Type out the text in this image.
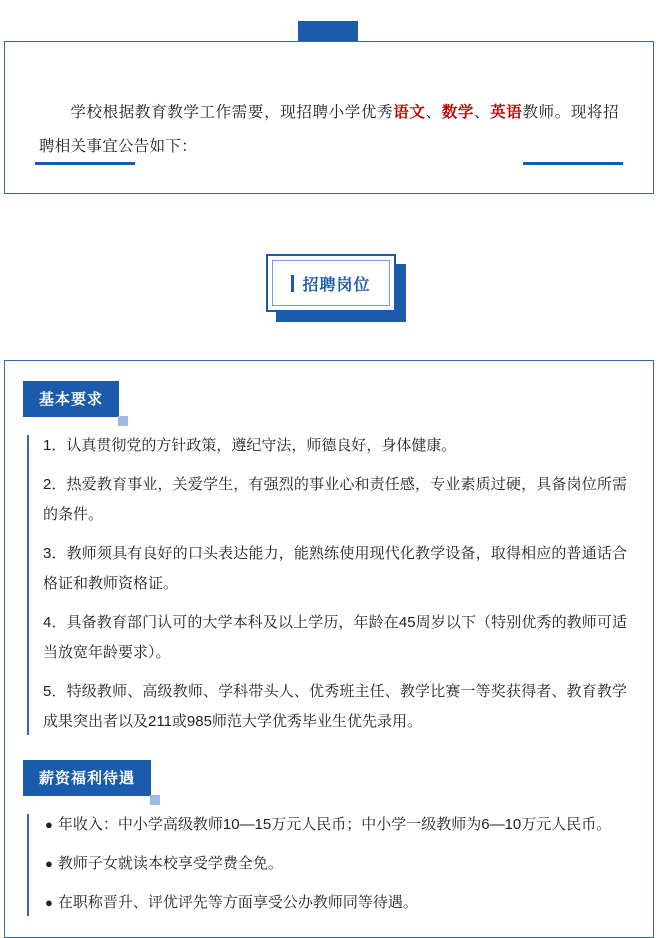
学校根据教育教学工作需要，现招聘小学优秀语文、数学、英语教师。现将招聘相关事宜公告如下：

招聘岗位
基本要求
1．认真贯彻党的方针政策，遵纪守法，师德良好，身体健康。
2．热爱教育事业，关爱学生，有强烈的事业心和责任感，专业素质过硬，具备岗位所需的条件。
3．教师须具有良好的口头表达能力，能熟练使用现代化教学设备，取得相应的普通话合格证和教师资格证。
4．具备教育部门认可的大学本科及以上学历，年龄在45周岁以下（特别优秀的教师可适当放宽年龄要求）。
5．特级教师、高级教师、学科带头人、优秀班主任、教学比赛一等奖获得者、教育教学成果突出者以及211或985师范大学优秀毕业生优先录用。
薪资福利待遇
● 年收入：中小学高级教师10—15万元人民币；中小学一级教师为6—10万元人民币。
● 教师子女就读本校享受学费全免。
● 在职称晋升、评优评先等方面享受公办教师同等待遇。
